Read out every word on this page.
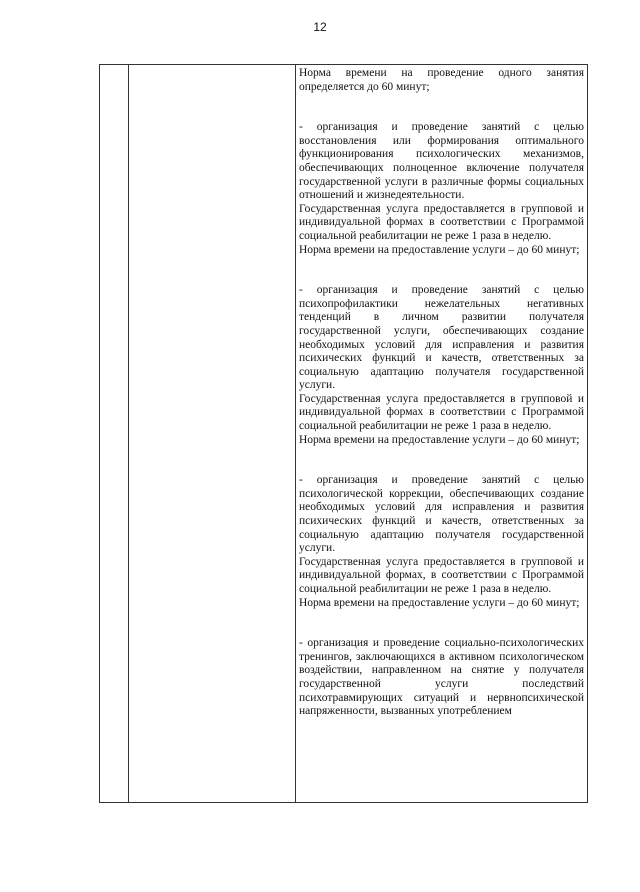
12

Норма времени на проведение одного занятия определяется до 60 минут;

- организация и проведение занятий с целью восстановления или формирования оптимального функционирования психологических механизмов, обеспечивающих полноценное включение получателя государственной услуги в различные формы социальных отношений и жизнедеятельности.

Государственная услуга предоставляется в групповой и индивидуальной формах в соответствии с Программой социальной реабилитации не реже 1 раза в неделю.

Норма времени на предоставление услуги – до 60 минут;

- организация и проведение занятий с целью психопрофилактики нежелательных негативных тенденций в личном развитии получателя государственной услуги, обеспечивающих создание необходимых условий для исправления и развития психических функций и качеств, ответственных за социальную адаптацию получателя государственной услуги.

Государственная услуга предоставляется в групповой и индивидуальной формах в соответствии с Программой социальной реабилитации не реже 1 раза в неделю.

Норма времени на предоставление услуги – до 60 минут;

- организация и проведение занятий с целью психологической коррекции, обеспечивающих создание необходимых условий для исправления и развития психических функций и качеств, ответственных за социальную адаптацию получателя государственной услуги.

Государственная услуга предоставляется в групповой и индивидуальной формах, в соответствии с Программой социальной реабилитации не реже 1 раза в неделю.

Норма времени на предоставление услуги – до 60 минут;

- организация и проведение социально-психологических тренингов, заключающихся в активном психологическом воздействии, направленном на снятие у получателя государственной услуги последствий психотравмирующих ситуаций и нервнопсихической напряженности, вызванных употреблением
